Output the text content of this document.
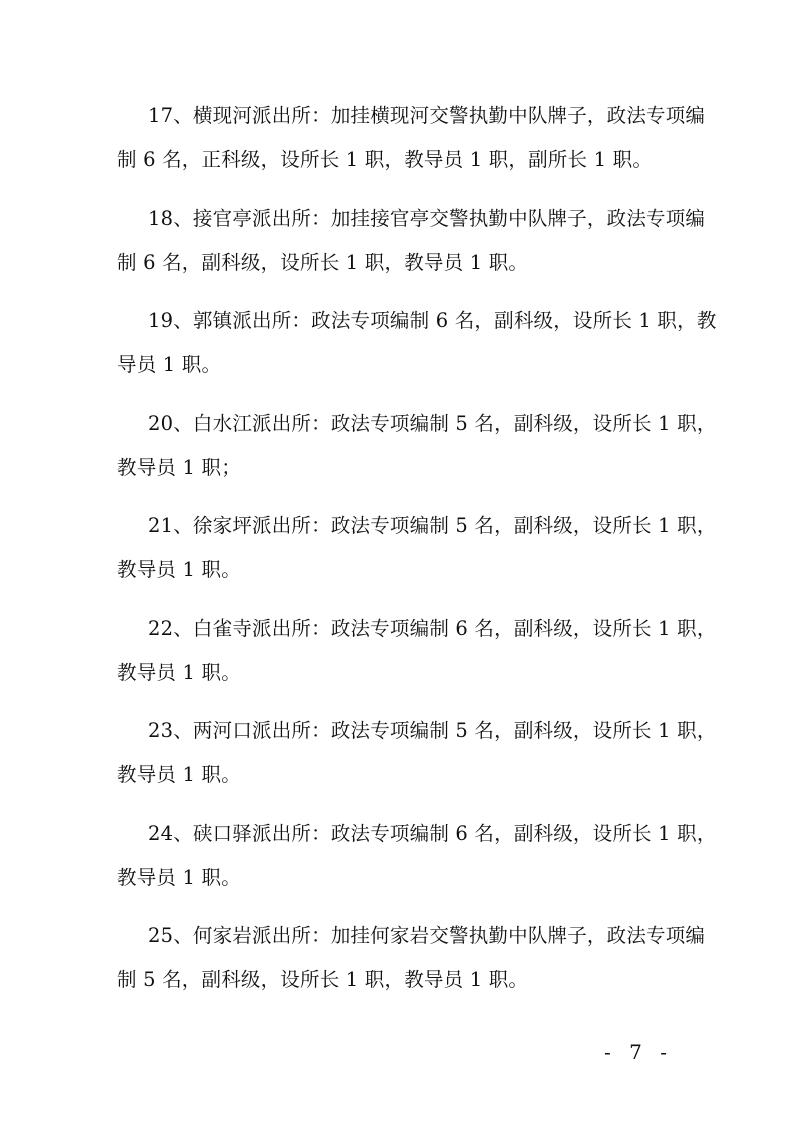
17、横现河派出所：加挂横现河交警执勤中队牌子，政法专项编
制 6 名，正科级，设所长 1 职，教导员 1 职，副所长 1 职。
18、接官亭派出所：加挂接官亭交警执勤中队牌子，政法专项编
制 6 名，副科级，设所长 1 职，教导员 1 职。
19、郭镇派出所：政法专项编制 6 名，副科级，设所长 1 职，教
导员 1 职。
20、白水江派出所：政法专项编制 5 名，副科级，设所长 1 职，
教导员 1 职；
21、徐家坪派出所：政法专项编制 5 名，副科级，设所长 1 职，
教导员 1 职。
22、白雀寺派出所：政法专项编制 6 名，副科级，设所长 1 职，
教导员 1 职。
23、两河口派出所：政法专项编制 5 名，副科级，设所长 1 职，
教导员 1 职。
24、硖口驿派出所：政法专项编制 6 名，副科级，设所长 1 职，
教导员 1 职。
25、何家岩派出所：加挂何家岩交警执勤中队牌子，政法专项编
制 5 名，副科级，设所长 1 职，教导员 1 职。
- 7 -
